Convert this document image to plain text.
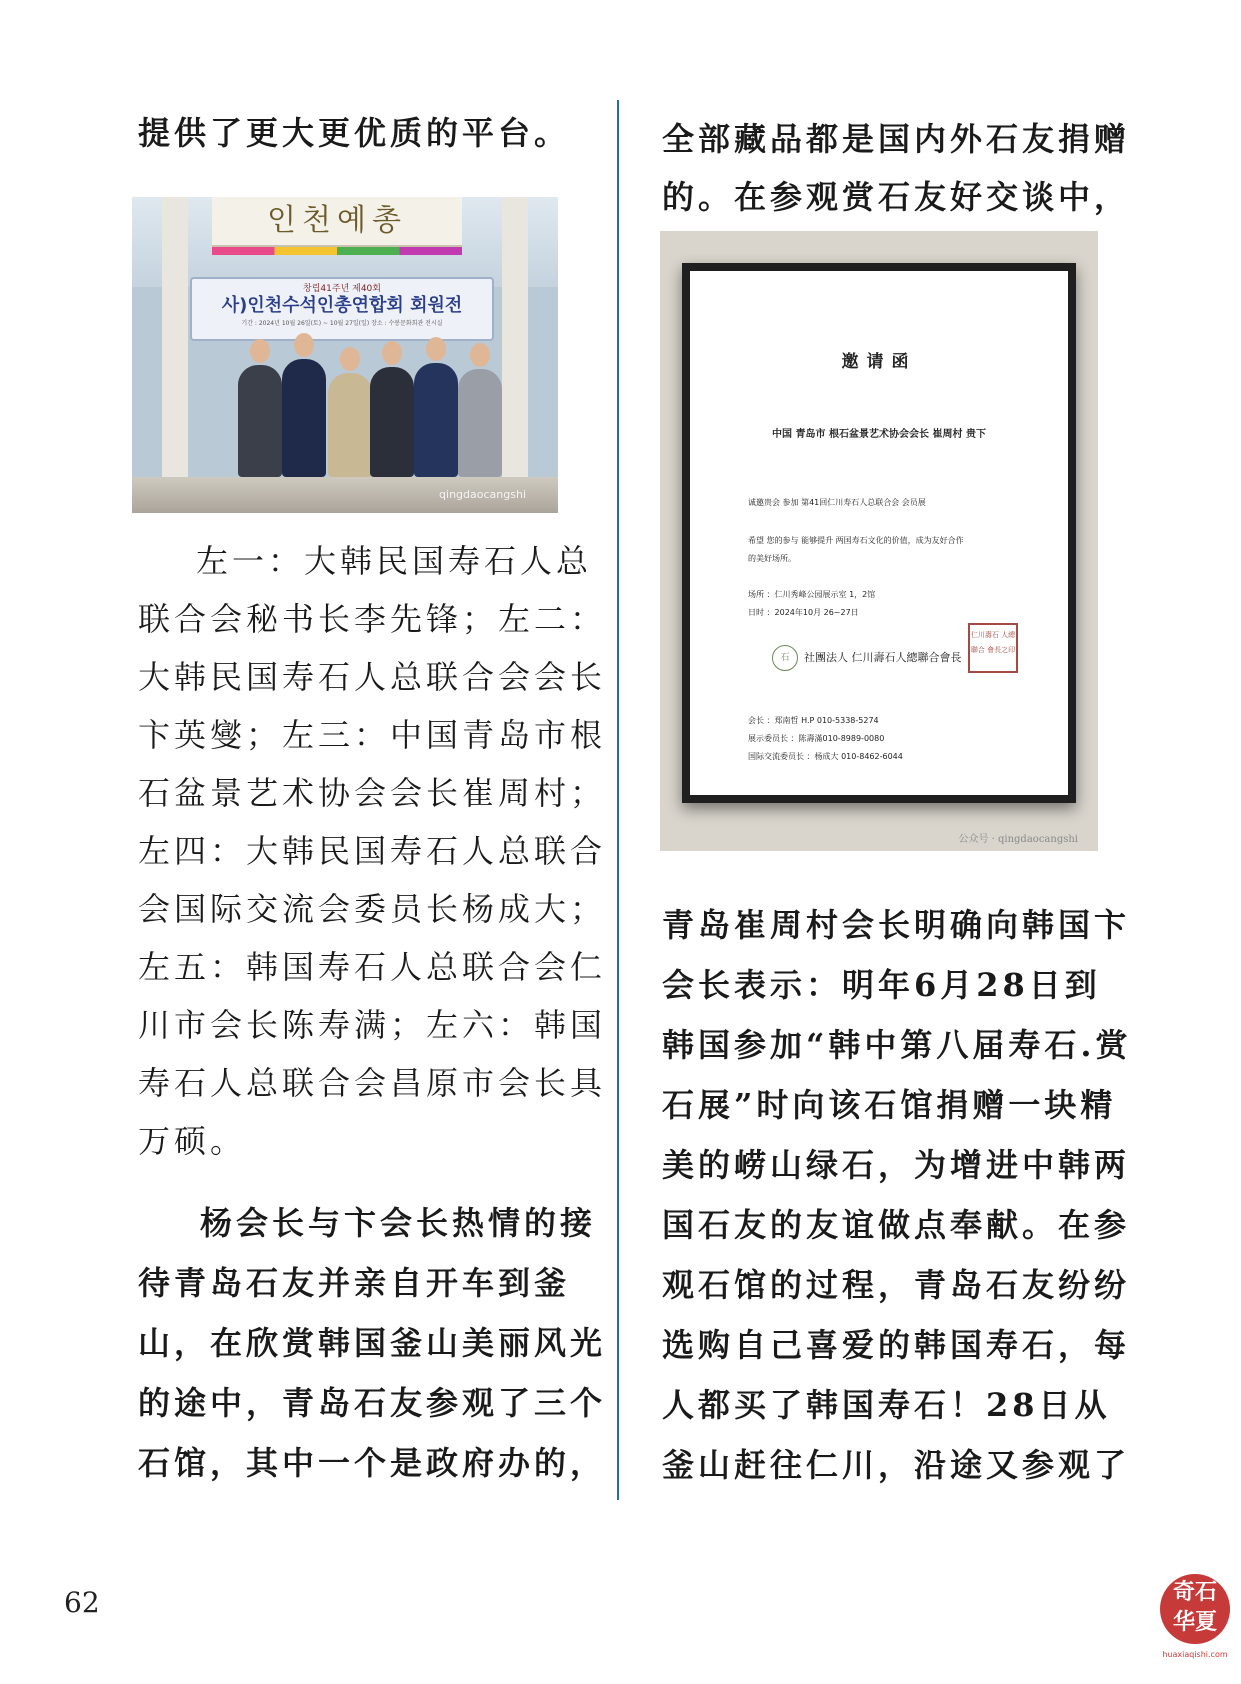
提供了更大更优质的平台。
인천예총
창립41주년 제40회
사)인천수석인총연합회 회원전
기간 : 2024년 10월 26일(토) ~ 10월 27일(일) 장소 : 수봉문화회관 전시실
qingdaocangshi
左一：大韩民国寿石人总
联合会秘书长李先锋；左二：
大韩民国寿石人总联合会会长
卞英燮；左三：中国青岛市根
石盆景艺术协会会长崔周村；
左四：大韩民国寿石人总联合
会国际交流会委员长杨成大；
左五：韩国寿石人总联合会仁
川市会长陈寿满；左六：韩国
寿石人总联合会昌原市会长具
万硕。
杨会长与卞会长热情的接
待青岛石友并亲自开车到釜
山，在欣赏韩国釜山美丽风光
的途中，青岛石友参观了三个
石馆，其中一个是政府办的，
全部藏品都是国内外石友捐赠
的。在参观赏石友好交谈中，
邀请函
中国 青岛市 根石盆景艺术协会会长 崔周村 贵下
诚邀贵会 参加 第41回仁川寿石人总联合会 会员展
希望 您的参与 能够提升 两国寿石文化的价值，成为友好合作
的美好场所。
场所 ：仁川秀峰公园展示室 1，2馆
日时 ：2024年10月 26~27日
石	社團法人 仁川壽石人總聯合會長
仁川壽石 人總聯合 會長之印
会长 ：郑南哲 H.P 010-5338-5274
展示委员长 ：陈壽滿010-8989-0080
国际交流委员长 ：杨成大 010-8462-6044
公众号 · qingdaocangshi
青岛崔周村会长明确向韩国卞
会长表示：明年6月28日到
韩国参加“韩中第八届寿石.赏
石展”时向该石馆捐赠一块精
美的崂山绿石，为增进中韩两
国石友的友谊做点奉献。在参
观石馆的过程，青岛石友纷纷
选购自己喜爱的韩国寿石，每
人都买了韩国寿石！28日从
釜山赶往仁川，沿途又参观了
62	奇石
华夏
huaxiaqishi.com
